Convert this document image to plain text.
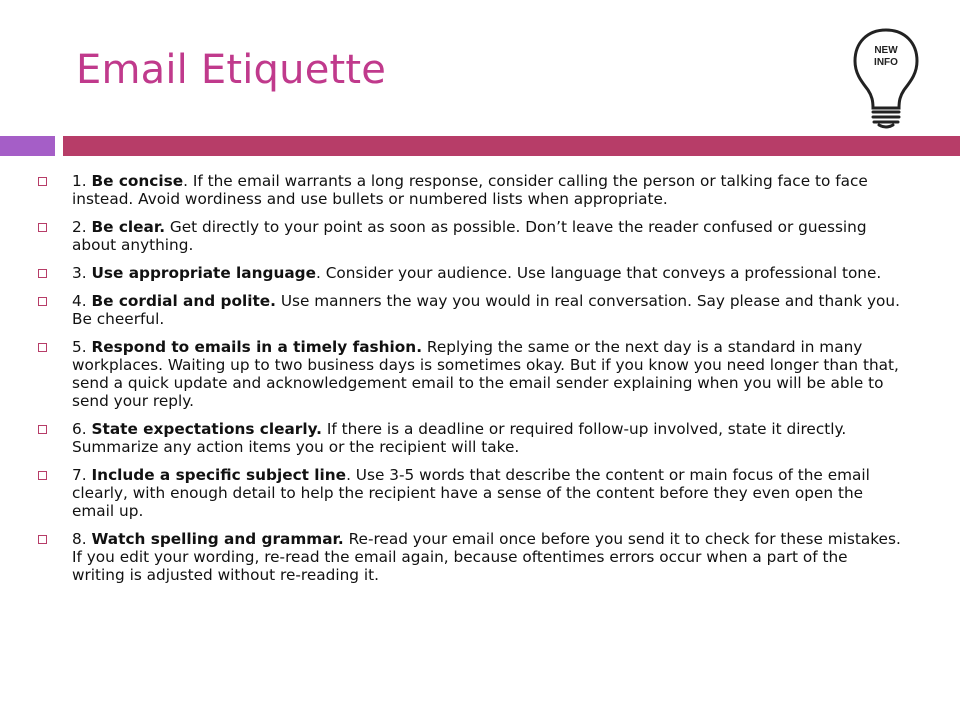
Email Etiquette	NEW
INFO
1. Be concise. If the email warrants a long response, consider calling the person or talking face to face instead. Avoid wordiness and use bullets or numbered lists when appropriate.
2. Be clear. Get directly to your point as soon as possible. Don’t leave the reader confused or guessing about anything.
3. Use appropriate language. Consider your audience. Use language that conveys a professional tone.
4. Be cordial and polite. Use manners the way you would in real conversation. Say please and thank you. Be cheerful.
5. Respond to emails in a timely fashion. Replying the same or the next day is a standard in many workplaces. Waiting up to two business days is sometimes okay. But if you know you need longer than that, send a quick update and acknowledgement email to the email sender explaining when you will be able to send your reply.
6. State expectations clearly. If there is a deadline or required follow-up involved, state it directly. Summarize any action items you or the recipient will take.
7. Include a specific subject line. Use 3-5 words that describe the content or main focus of the email clearly, with enough detail to help the recipient have a sense of the content before they even open the email up.
8. Watch spelling and grammar. Re-read your email once before you send it to check for these mistakes. If you edit your wording, re-read the email again, because oftentimes errors occur when a part of the writing is adjusted without re-reading it.
